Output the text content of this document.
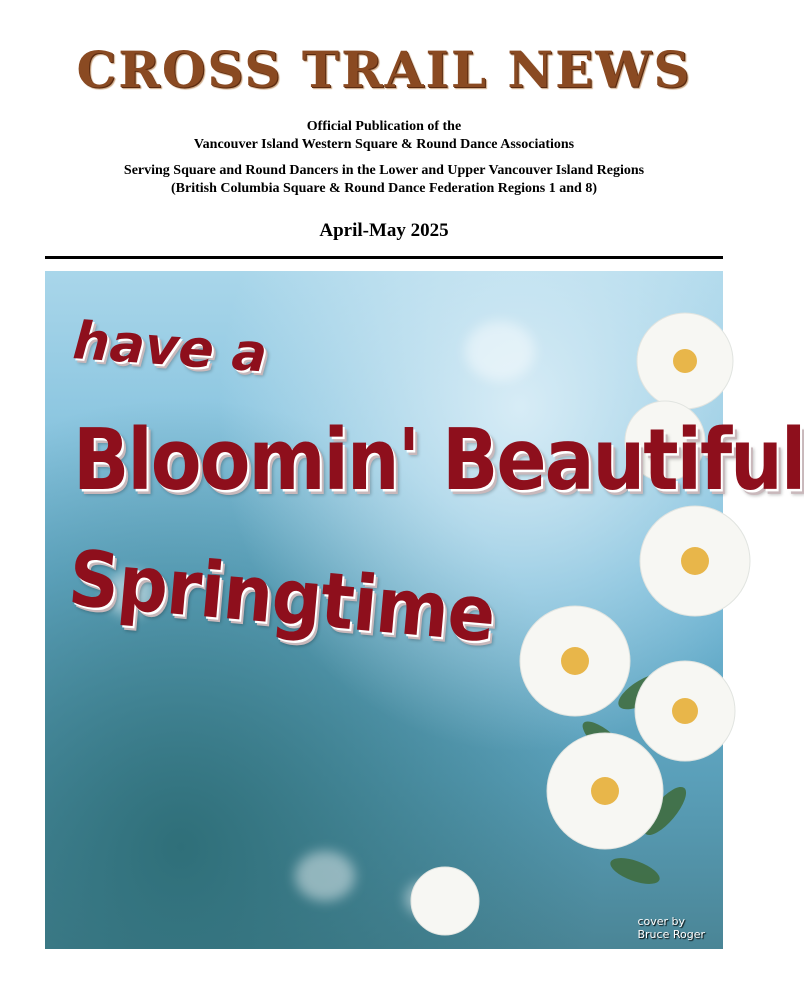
CROSS TRAIL NEWS
Official Publication of the
Vancouver Island Western Square & Round Dance Associations
Serving Square and Round Dancers in the Lower and Upper Vancouver Island Regions
(British Columbia Square & Round Dance Federation Regions 1 and 8)
April-May 2025
have a
Bloomin' Beautiful
Springtime
cover by
Bruce Roger
